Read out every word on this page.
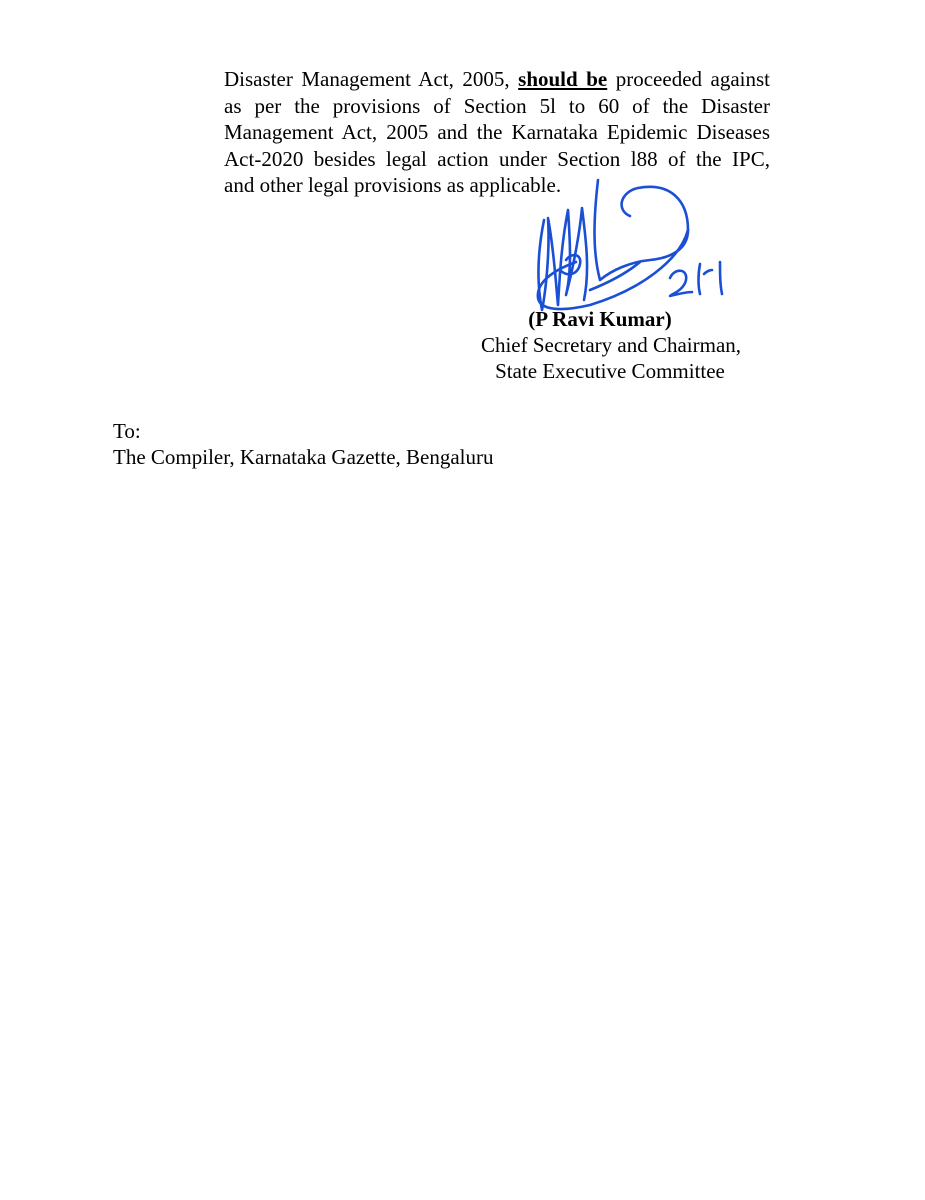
Disaster Management Act, 2005, should be proceeded against
as per the provisions of Section 5l to 60 of the Disaster
Management Act, 2005 and the Karnataka Epidemic Diseases
Act-2020 besides legal action under Section l88 of the IPC,
and other legal provisions as applicable.
(P Ravi Kumar)
Chief Secretary and Chairman,
State Executive Committee
To:
The Compiler, Karnataka Gazette, Bengaluru
